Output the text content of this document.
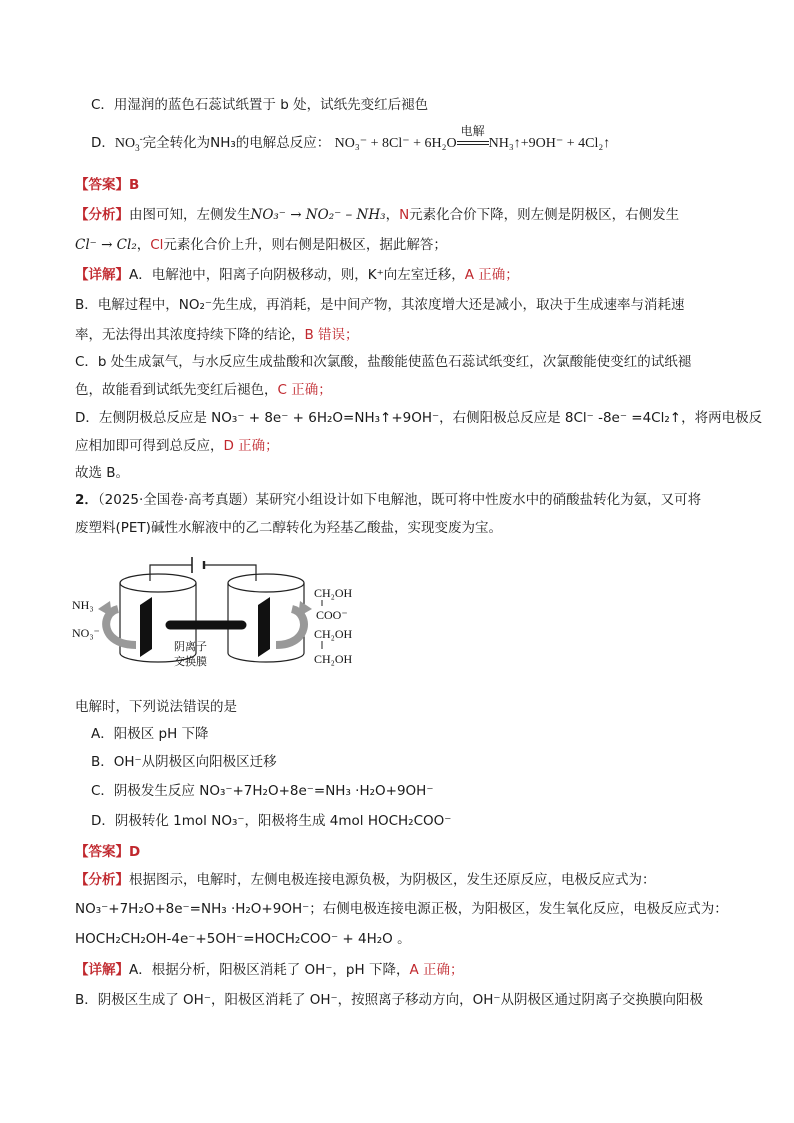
C．用湿润的蓝色石蕊试纸置于 b 处，试纸先变红后褪色
D．$NO_3^-$完全转化为NH₃的电解总反应： NO₃⁻ + 8Cl⁻ + 6H₂O
电解
NH₃↑+9OH⁻ + 4Cl₂↑
【答案】B
【分析】由图可知，左侧发生NO₃⁻ → NO₂⁻ – NH₃，N元素化合价下降，则左侧是阴极区，右侧发生
Cl⁻ → Cl₂，Cl元素化合价上升，则右侧是阳极区，据此解答；
【详解】A．电解池中，阳离子向阴极移动，则，K⁺向左室迁移，A 正确；
B．电解过程中，NO₂⁻先生成，再消耗，是中间产物，其浓度增大还是减小，取决于生成速率与消耗速
率，无法得出其浓度持续下降的结论，B 错误；
C．b 处生成氯气，与水反应生成盐酸和次氯酸，盐酸能使蓝色石蕊试纸变红，次氯酸能使变红的试纸褪
色，故能看到试纸先变红后褪色，C 正确；
D．左侧阴极总反应是 NO₃⁻ + 8e⁻ + 6H₂O=NH₃↑+9OH⁻，右侧阳极总反应是 8Cl⁻ -8e⁻ =4Cl₂↑，将两电极反
应相加即可得到总反应，D 正确；
故选 B。
2．（2025·全国卷·高考真题）某研究小组设计如下电解池，既可将中性废水中的硝酸盐转化为氨，又可将
废塑料(PET)碱性水解液中的乙二醇转化为羟基乙酸盐，实现变废为宝。
NH₃
NO₃⁻
阴离子
交换膜
CH₂OH
COO⁻
CH₂OH
CH₂OH
电解时，下列说法错误的是
A．阳极区 pH 下降
B．OH⁻从阴极区向阳极区迁移
C．阴极发生反应 NO₃⁻+7H₂O+8e⁻=NH₃ ·H₂O+9OH⁻
D．阴极转化 1mol NO₃⁻，阳极将生成 4mol HOCH₂COO⁻
【答案】D
【分析】根据图示，电解时，左侧电极连接电源负极，为阴极区，发生还原反应，电极反应式为：
NO₃⁻+7H₂O+8e⁻=NH₃ ·H₂O+9OH⁻；右侧电极连接电源正极，为阳极区，发生氧化反应，电极反应式为：
HOCH₂CH₂OH-4e⁻+5OH⁻=HOCH₂COO⁻ + 4H₂O 。
【详解】A．根据分析，阳极区消耗了 OH⁻，pH 下降，A 正确；
B．阴极区生成了 OH⁻，阳极区消耗了 OH⁻，按照离子移动方向，OH⁻从阴极区通过阴离子交换膜向阳极
